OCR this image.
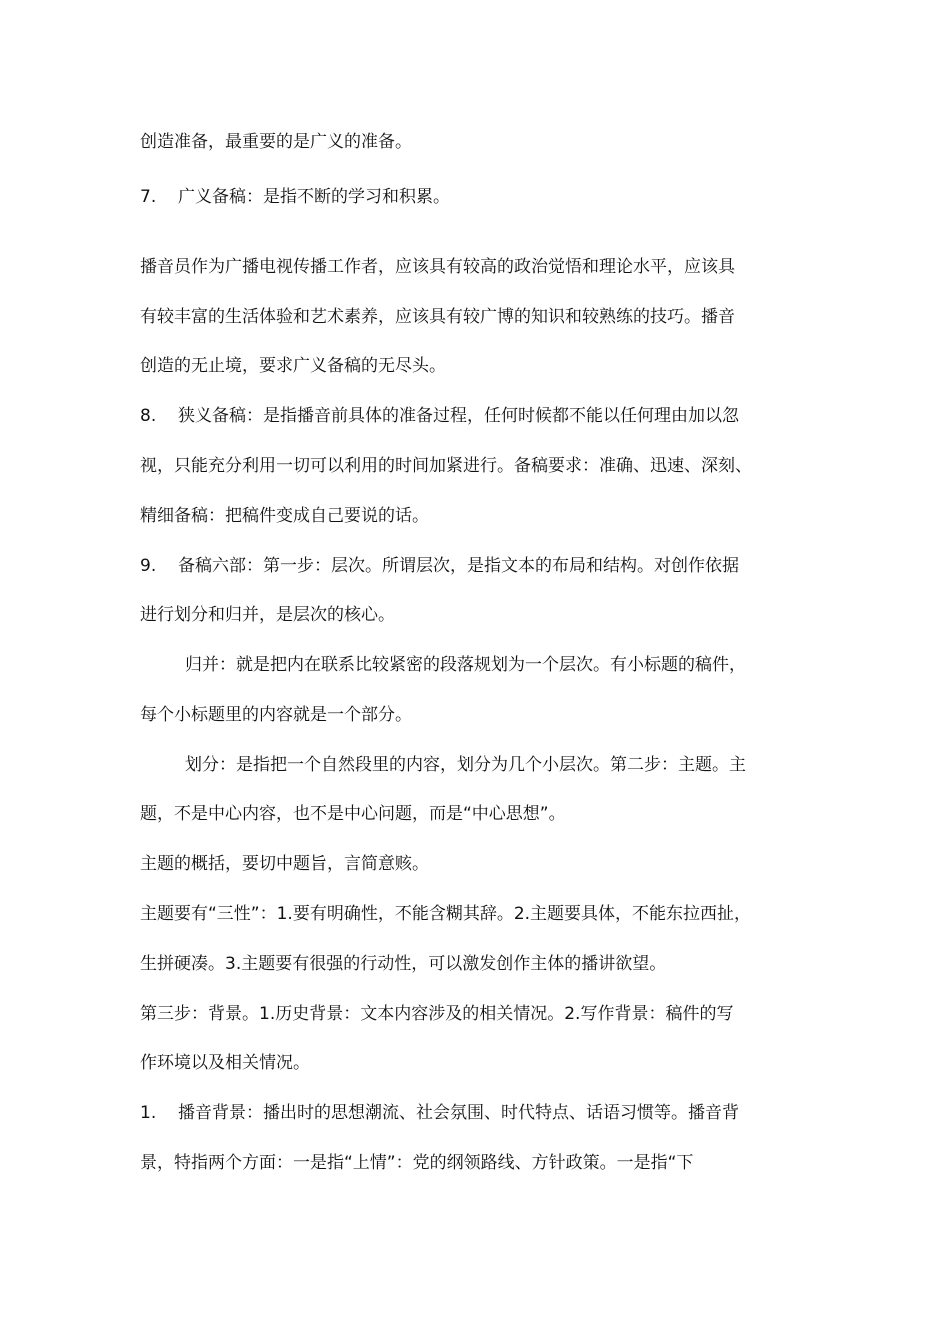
创造准备，最重要的是广义的准备。
7. 广义备稿：是指不断的学习和积累。
播音员作为广播电视传播工作者，应该具有较高的政治觉悟和理论水平，应该具
有较丰富的生活体验和艺术素养，应该具有较广博的知识和较熟练的技巧。播音
创造的无止境，要求广义备稿的无尽头。
8. 狭义备稿：是指播音前具体的准备过程，任何时候都不能以任何理由加以忽
视，只能充分利用一切可以利用的时间加紧进行。备稿要求：准确、迅速、深刻、
精细备稿：把稿件变成自己要说的话。
9. 备稿六部：第一步：层次。所谓层次，是指文本的布局和结构。对创作依据
进行划分和归并，是层次的核心。
归并：就是把内在联系比较紧密的段落规划为一个层次。有小标题的稿件，
每个小标题里的内容就是一个部分。
划分：是指把一个自然段里的内容，划分为几个小层次。第二步：主题。主
题，不是中心内容，也不是中心问题，而是“中心思想”。
主题的概括，要切中题旨，言简意赅。
主题要有“三性”：1.要有明确性，不能含糊其辞。2.主题要具体，不能东拉西扯，
生拼硬凑。3.主题要有很强的行动性，可以激发创作主体的播讲欲望。
第三步：背景。1.历史背景：文本内容涉及的相关情况。2.写作背景：稿件的写
作环境以及相关情况。
1. 播音背景：播出时的思想潮流、社会氛围、时代特点、话语习惯等。播音背
景，特指两个方面：一是指“上情”：党的纲领路线、方针政策。一是指“下
